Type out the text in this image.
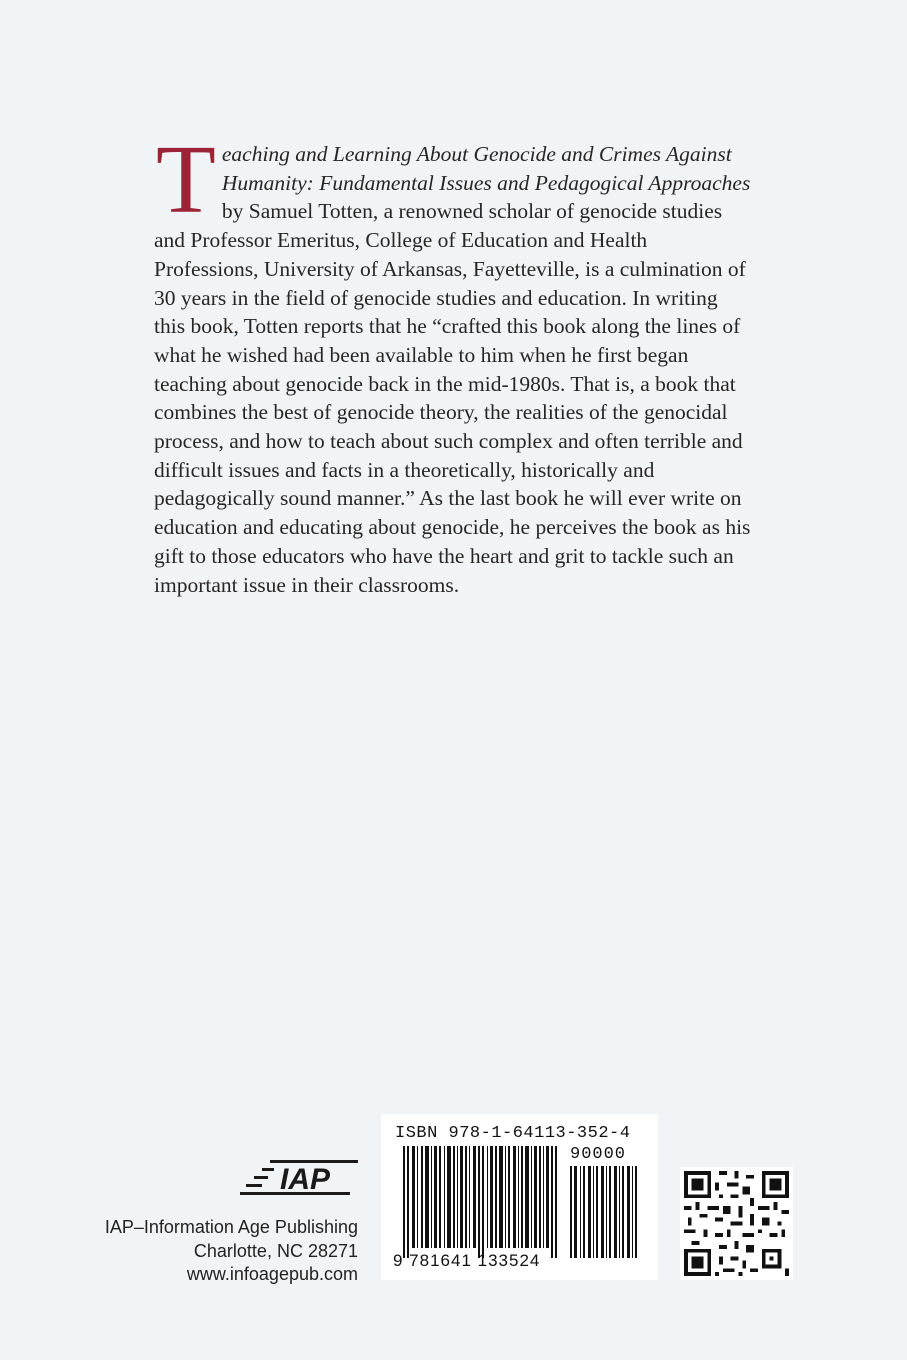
Teaching and Learning About Genocide and Crimes Against Humanity: Fundamental Issues and Pedagogical Approaches by Samuel Totten, a renowned scholar of genocide studies and Professor Emeritus, College of Education and Health Professions, University of Arkansas, Fayetteville, is a culmination of 30 years in the field of genocide studies and education. In writing this book, Totten reports that he “crafted this book along the lines of what he wished had been available to him when he first began teaching about genocide back in the mid-1980s. That is, a book that combines the best of genocide theory, the realities of the genocidal process, and how to teach about such complex and often terrible and difficult issues and facts in a theoretically, historically and pedagogically sound manner.” As the last book he will ever write on education and educating about genocide, he perceives the book as his gift to those educators who have the heart and grit to tackle such an important issue in their classrooms.

IAP
IAP–Information Age Publishing
Charlotte, NC 28271
www.infoagepub.com
ISBN 978-1-64113-352-4
90000
9 781641 133524
